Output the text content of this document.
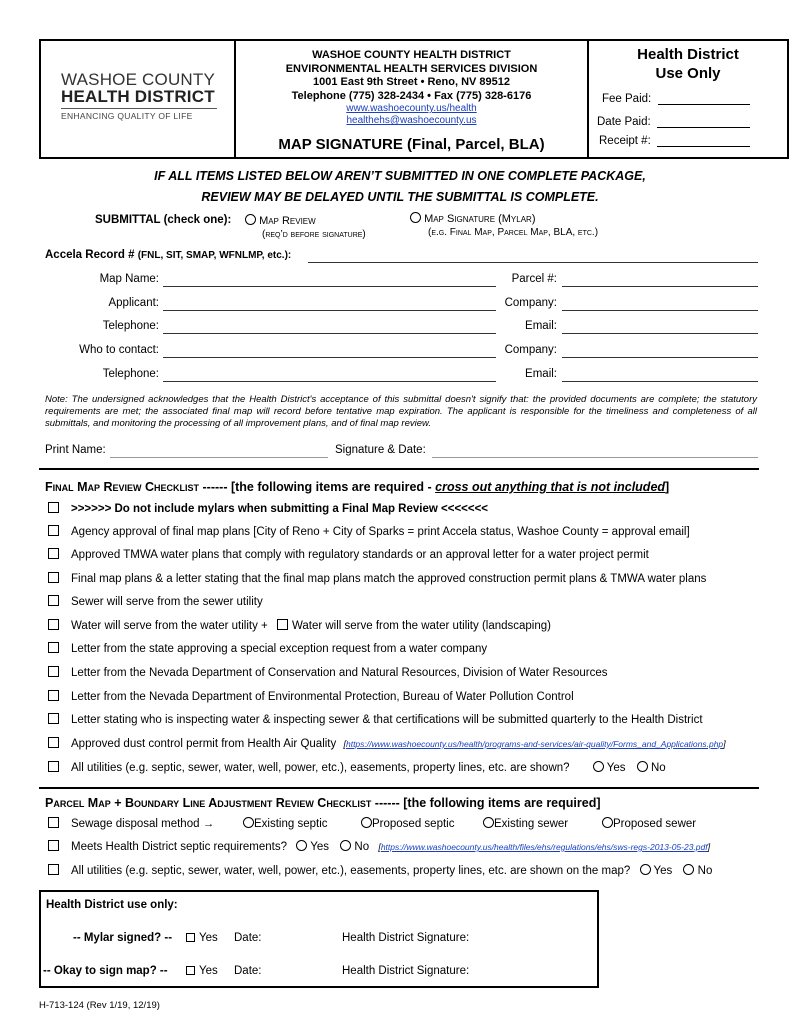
WASHOE COUNTY
HEALTH DISTRICT
ENHANCING QUALITY OF LIFE
WASHOE COUNTY HEALTH DISTRICT
ENVIRONMENTAL HEALTH SERVICES DIVISION
1001 East 9th Street • Reno, NV 89512
Telephone (775) 328-2434 • Fax (775) 328-6176
www.washoecounty.us/health
healthehs@washoecounty.us
MAP SIGNATURE (Final, Parcel, BLA)
Health District
Use Only
Fee Paid:
Date Paid:
Receipt #:
IF ALL ITEMS LISTED BELOW AREN’T SUBMITTED IN ONE COMPLETE PACKAGE,
REVIEW MAY BE DELAYED UNTIL THE SUBMITTAL IS COMPLETE.
SUBMITTAL (check one):	Map Review
(req’d before signature)
Map Signature (Mylar)
(e.g. Final Map, Parcel Map, BLA, etc.)
Accela Record # (FNL, SIT, SMAP, WFNLMP, etc.):
Map Name:	Parcel #:
Applicant:	Company:
Telephone:	Email:
Who to contact:	Company:
Telephone:	Email:
Note: The undersigned acknowledges that the Health District's acceptance of this submittal doesn't signify that: the provided documents are complete; the statutory requirements are met; the associated final map will record before tentative map expiration. The applicant is responsible for the timeliness and completeness of all submittals, and monitoring the processing of all improvement plans, and of final map review.
Print Name:	Signature & Date:
Final Map Review Checklist ------ [the following items are required - cross out anything that is not included]
>>>>>> Do not include mylars when submitting a Final Map Review <<<<<<<
Agency approval of final map plans [City of Reno + City of Sparks = print Accela status, Washoe County = approval email]
Approved TMWA water plans that comply with regulatory standards or an approval letter for a water project permit
Final map plans & a letter stating that the final map plans match the approved construction permit plans & TMWA water plans
Sewer will serve from the sewer utility
Water will serve from the water utility + Water will serve from the water utility (landscaping)
Letter from the state approving a special exception request from a water company
Letter from the Nevada Department of Conservation and Natural Resources, Division of Water Resources
Letter from the Nevada Department of Environmental Protection, Bureau of Water Pollution Control
Letter stating who is inspecting water & inspecting sewer & that certifications will be submitted quarterly to the Health District
Approved dust control permit from Health Air Quality [https://www.washoecounty.us/health/programs-and-services/air-quality/Forms_and_Applications.php]
All utilities (e.g. septic, sewer, water, well, power, etc.), easements, property lines, etc. are shown?	Yes No
Parcel Map + Boundary Line Adjustment Review Checklist ------ [the following items are required]
Sewage disposal method →	Existing septic	Proposed septic	Existing sewer	Proposed sewer
Meets Health District septic requirements? Yes No [https://www.washoecounty.us/health/files/ehs/regulations/ehs/sws-regs-2013-05-23.pdf]
All utilities (e.g. septic, sewer, water, well, power, etc.), easements, property lines, etc. are shown on the map? Yes No
Health District use only:
-- Mylar signed? --	Yes Date:	Health District Signature:
-- Okay to sign map? --	Yes Date:	Health District Signature:
H-713-124 (Rev 1/19, 12/19)
